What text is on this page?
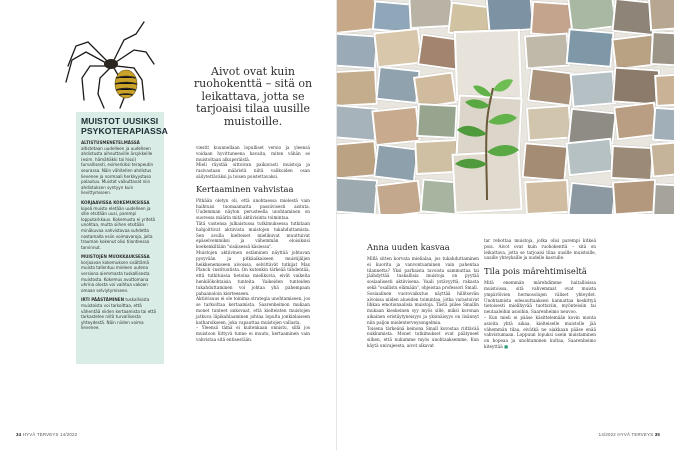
MUISTOT UUSIKSI PSYKOTERAPIASSA
ALTISTUSMENETELMÄSSÄ altistetaan uudelleen ja uudelleen ahdistusta aiheuttaville ärsykkeille (esim. hämähäkki tai hissi) turvallisesti, esimerkiksi terapeutin seurassa. Näin vähitellen ahdistus lievenee ja normaali herkkyystaso palautuu. Muistot vaikuttavat niin ahdistuksen syntyyn kuin lievittymiseen.
KORJAAVISSA KOKEMUKSISSA kipeä muisto eletään uudelleen ja sille etsitään uusi, parempi lopputarkkaus. Kokemusta ei yritetä unohtaa, mutta siihen etsitään minäkuvaa vahvistavaa suhdetta nostamalla esiin voimavaroja, joita trauman kokenut olisi tilanteessa tarvinnut.
MUISTOJEN MUOKKAUKSESSA korjaavan kokemuksen sisältämä muisto tallentuu mieleen uutena versiona aiemmasta tuskallisesta muistosta. Kokemus avuttomana uhrina olosta voi vaihtua vakoon omaan selviytymiseen.
IRTI PÄÄSTÄMINEN tuskallisista muistoista voi tarkoittaa, että vähentää niiden kertaamista tai että tarkastelee niitä turvallisesta yhteydestä. Näin niiden voima lievenee.
Aivot ovat kuin ruohokenttä – sitä on leikattava, jotta se tarjoaisi tilaa uusille muistoille.

viestit kuunnellaan lopulliset versio ja yleensä voidaan hyvittuneena havaita, miten vähän se muistoltaan alkuperäistä.

Mieli räystää oittoivan paikavasti muistoja ja rasivastaan määristä niitä valikoiden osan säilytettäväksi ja toisen poistettavaksi.

Kertaaminen vahvistaa

Pitkään oletyn oli, että unohtaessa mielestä vain haihtuisi tuomaamatta passiivisesti aistuta. Uudemman näyton perusteella unohtaminen on suoressa määrin mitä aktiivisinta toimintaa.

Tätä vastensa julkaistussa tutkimuksessa tutkitaan hahjoittivat aktiivista muistojen tukahduttamista. Sen avulla kielteiset mielikuvat muuttuivat epäselvemmiksi ja vähemmän eloisiksisi koekenkiltään "sisäisessä käsiessa".

Muistojen aktiivinen estäminen näyttää johtavan pysyvään ja pitkäaikaiseen muistijäljen heikkenemiseen aivoissa, selvittävät tutkijat Max Planck -instituutista. On kutenkin tärkeää tähdentää, että tutkituissa tietoina mielikuvia, eivät vaikeita henkilökohtaisia tunteita. Vaikeiden tunteiden tukahduttaminen voi johtaa yhä pahempaan pahaanoloin kierteeseen.

Aktiivisuus ei ole toinima strategia unohtamiseen, jos se tarkoittaa kertaamista. Saarenheimon mukaan monet tunteet unkovaat, että kielteisten muistojen jatkuva läpikahlaaminen johtaa lopulta jonkinlaiseen katharsikseen, joka vapauttaa muistojen vallasta.

– Yleensä tämä ei kuitenkaan onnistu, sillä jos muistoon liittyvä tunne ei muutu, kertaaminen vain vahvistaa sitä entisestään.

34 HYVÄ TERVEYS 14/2022
Anna uuden kasvaa

Millä sitten korvata mielialaa, jos tukahduttaminen ei kuoritu ja vanvontuaminen vain pahentaa tilannetta? Yksi parhaista tavoista sammuttaa tai jäähdyttää tuskallisia muistoja on pyytää sosiaalisesti aktiivisena. Vaali ystävyyttä, rakasta sekä "osallistu elämään", ohjeistaa professori Small.

Sosiaalinen vuorovaikutus näyttää hillitsevän aivoissa niiden alueiden toimintaa, jotka varastoivat lihkaa emotionaalisia muistoja. Tästä piilee Smallin mukaan kieskeinen syy myös sille, miksi koronan aikainen eristäytyneisyys ja yksinäisyys on lisännyt niin paljon mielenterveysongelmia.

Toisena tärkeänä keinona Small korostaa riittävää nukkumista. Monet tutkimukset ovat päätyneet siihen, että nukumme myös unohtaaksemme. Kun käytä univajeesta, aivot alkavat

tar rebottaa muistoja, jotka olisi parempi kitkeä pois. Aivot ovat kuin ruohokenttä – sitä on leikattava, jotta se tarjoaisi tilaa uusille muistoille, uusille yhteyksille ja uudelle kasvulle.

Tila pois märehtimiseltä

Mitä enemmän märehdimme haitallisissa muistoissa, sitä vahvemmat ovat muista ympäröivien hermosolujen väliset yhteydet. Unohtamista edesauttaaksesi kannattaa keskittyä tietoisesti mielihyvää tuottaviin, myönteisiin tai neutaaleihin asioihin, Saarenheimo neuvoo.

– Kun mieli ei pääse käsittelemään kovin monta asioita yhtä aikaa, kielteiselle muistolle jää vähemmän tilaa, eivätkä ne aiakkaan pääse enää vahvistumaan. Loppuun lopuksi usein muistaminen on hopeaa ja unohtaminen kultaa, Saarenheimo kiteyttää ■

14/2022 HYVÄ TERVEYS 35
